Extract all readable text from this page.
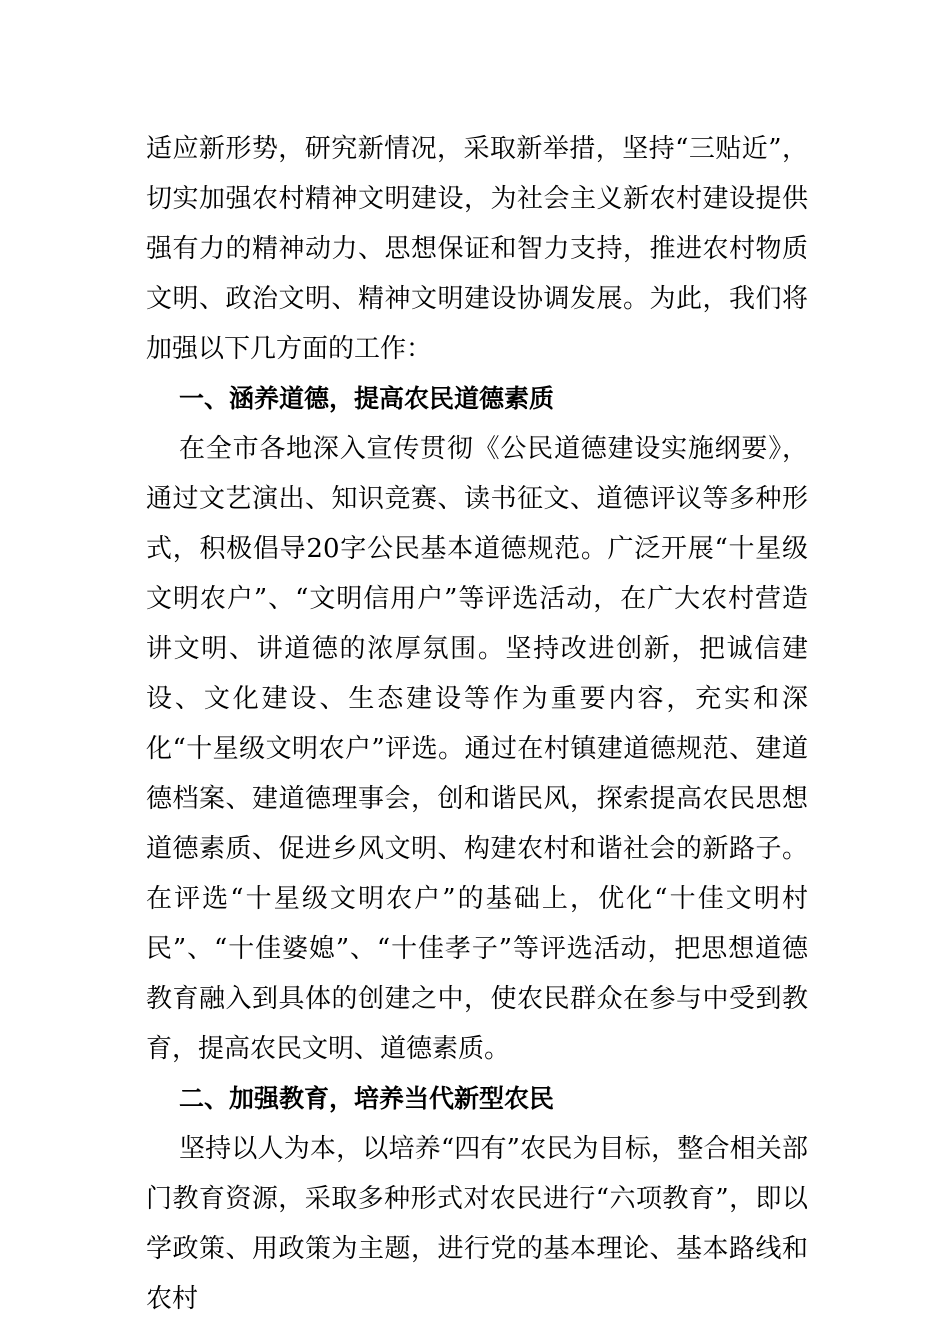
适应新形势，研究新情况，采取新举措，坚持“三贴近”，切实加强农村精神文明建设，为社会主义新农村建设提供强有力的精神动力、思想保证和智力支持，推进农村物质文明、政治文明、精神文明建设协调发展。为此，我们将加强以下几方面的工作：

一、涵养道德，提高农民道德素质

在全市各地深入宣传贯彻《公民道德建设实施纲要》，通过文艺演出、知识竞赛、读书征文、道德评议等多种形式，积极倡导20字公民基本道德规范。广泛开展“十星级文明农户”、“文明信用户”等评选活动，在广大农村营造讲文明、讲道德的浓厚氛围。坚持改进创新，把诚信建设、文化建设、生态建设等作为重要内容，充实和深化“十星级文明农户”评选。通过在村镇建道德规范、建道德档案、建道德理事会，创和谐民风，探索提高农民思想道德素质、促进乡风文明、构建农村和谐社会的新路子。在评选“十星级文明农户”的基础上，优化“十佳文明村民”、“十佳婆媳”、“十佳孝子”等评选活动，把思想道德教育融入到具体的创建之中，使农民群众在参与中受到教育，提高农民文明、道德素质。

二、加强教育，培养当代新型农民

坚持以人为本，以培养“四有”农民为目标，整合相关部门教育资源，采取多种形式对农民进行“六项教育”，即以学政策、用政策为主题，进行党的基本理论、基本路线和农村
